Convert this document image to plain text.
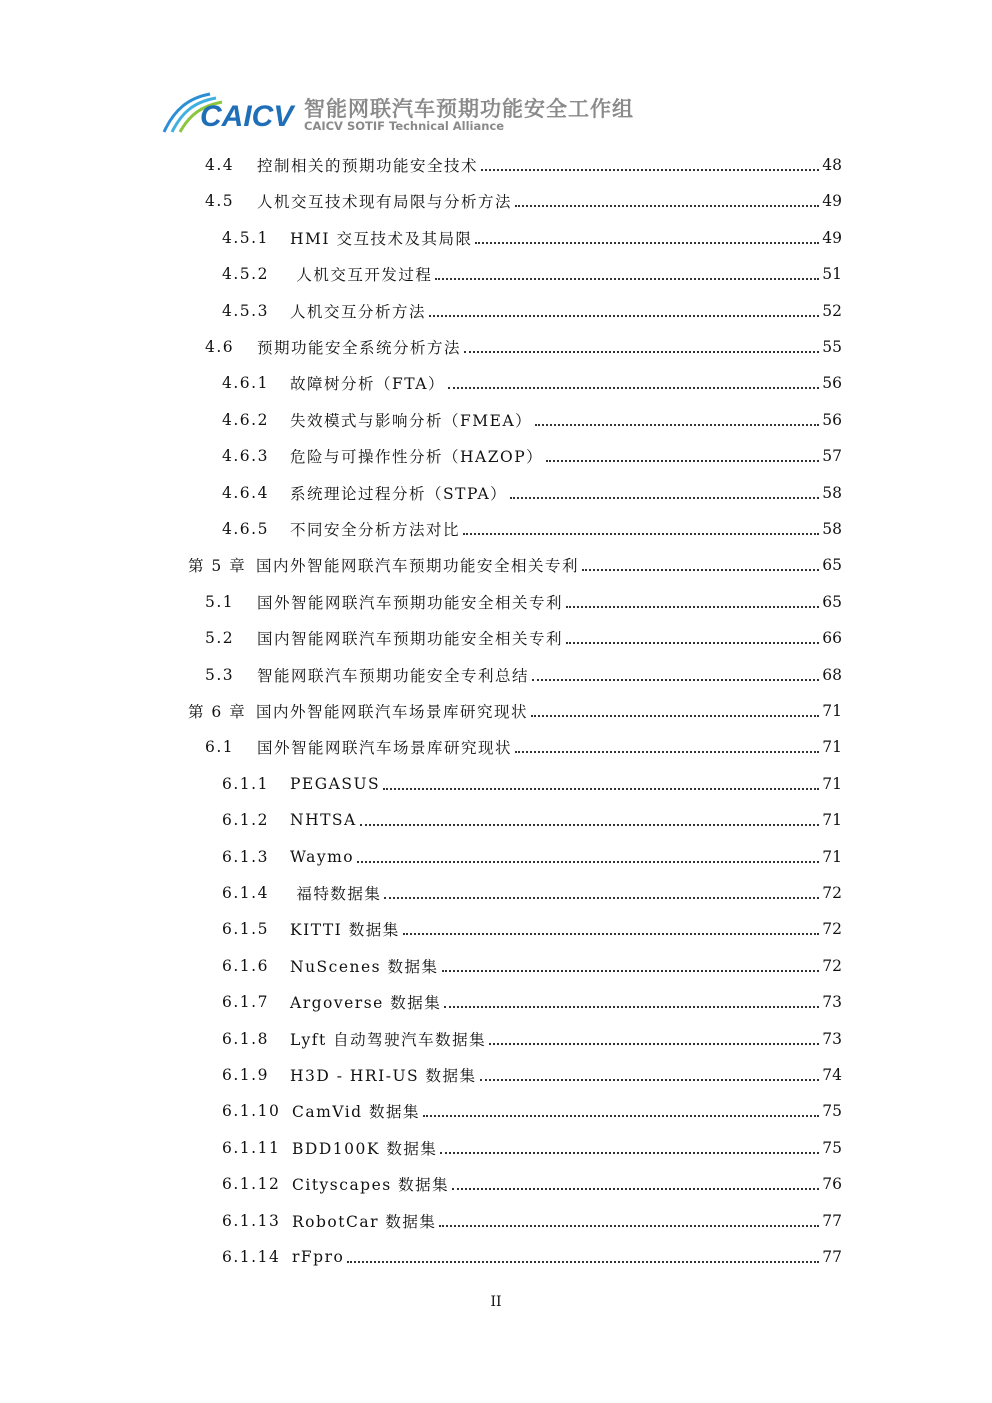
CAICV 智能网联汽车预期功能安全工作组
CAICV SOTIF Technical Alliance
4.4	控制相关的预期功能安全技术	48
4.5	人机交互技术现有局限与分析方法	49
4.5.1	HMI 交互技术及其局限	49
4.5.2	人机交互开发过程	51
4.5.3	人机交互分析方法	52
4.6	预期功能安全系统分析方法	55
4.6.1	故障树分析（FTA）	56
4.6.2	失效模式与影响分析（FMEA）	56
4.6.3	危险与可操作性分析（HAZOP）	57
4.6.4	系统理论过程分析（STPA）	58
4.6.5	不同安全分析方法对比	58
第 5 章 国内外智能网联汽车预期功能安全相关专利	65
5.1	国外智能网联汽车预期功能安全相关专利	65
5.2	国内智能网联汽车预期功能安全相关专利	66
5.3	智能网联汽车预期功能安全专利总结	68
第 6 章 国内外智能网联汽车场景库研究现状	71
6.1	国外智能网联汽车场景库研究现状	71
6.1.1	PEGASUS	71
6.1.2	NHTSA	71
6.1.3	Waymo	71
6.1.4	福特数据集	72
6.1.5	KITTI 数据集	72
6.1.6	NuScenes 数据集	72
6.1.7	Argoverse 数据集	73
6.1.8	Lyft 自动驾驶汽车数据集	73
6.1.9	H3D - HRI-US 数据集	74
6.1.10 CamVid 数据集	75
6.1.11 BDD100K 数据集	75
6.1.12 Cityscapes 数据集	76
6.1.13 RobotCar 数据集	77
6.1.14 rFpro	77
II
